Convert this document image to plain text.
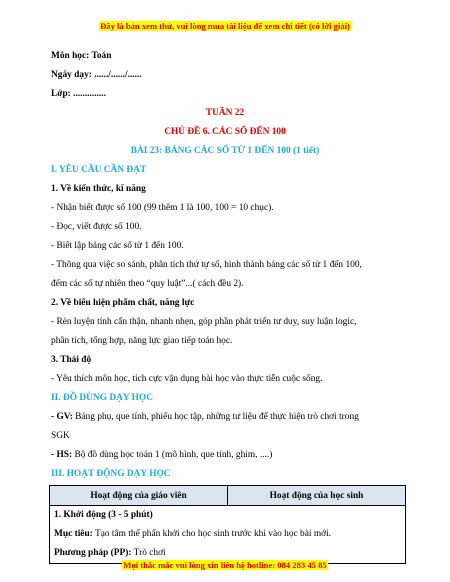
Đây là bản xem thử, vui lòng mua tài liệu để xem chi tiết (có lời giải)
Môn học: Toán
Ngày dạy: ....../....../......
Lớp: ..............
TUẦN 22
CHỦ ĐỀ 6. CÁC SỐ ĐẾN 100
BÀI 23: BẢNG CÁC SỐ TỪ 1 ĐẾN 100 (1 tiết)
I. YÊU CẦU CẦN ĐẠT
1. Về kiến thức, kĩ năng
- Nhận biết được số 100 (99 thêm 1 là 100, 100 = 10 chục).
- Đọc, viết được số 100.
- Biết lập bảng các số từ 1 đến 100.
- Thông qua việc so sánh, phân tích thứ tự số, hình thành bảng các số từ 1 đến 100,
đếm các số tự nhiên theo “quy luật”...( cách đều 2).
2. Về biểu hiện phẩm chất, năng lực
- Rèn luyện tính cẩn thận, nhanh nhẹn, góp phần phát triển tư duy, suy luận logic,
phân tích, tổng hợp, năng lực giao tiếp toán học.
3. Thái độ
- Yêu thích môn học, tích cực vận dụng bài học vào thực tiễn cuộc sống.
II. ĐỒ DÙNG DẠY HỌC
- GV: Bảng phụ, que tính, phiếu học tập, những tư liệu để thực hiện trò chơi trong
SGK
- HS: Bộ đồ dùng học toán 1 (mô hình, que tính, ghim, ....)
III. HOẠT ĐỘNG DẠY HỌC
Hoạt động của giáo viên	Hoạt động của học sinh

1. Khởi động (3 - 5 phút)
Mục tiêu: Tạo tâm thế phấn khởi cho học sinh trước khi vào học bài mới.
Phương pháp (PP): Trò chơi
Mọi thắc mắc vui lòng xin liên hệ hotline: 084 283 45 85
